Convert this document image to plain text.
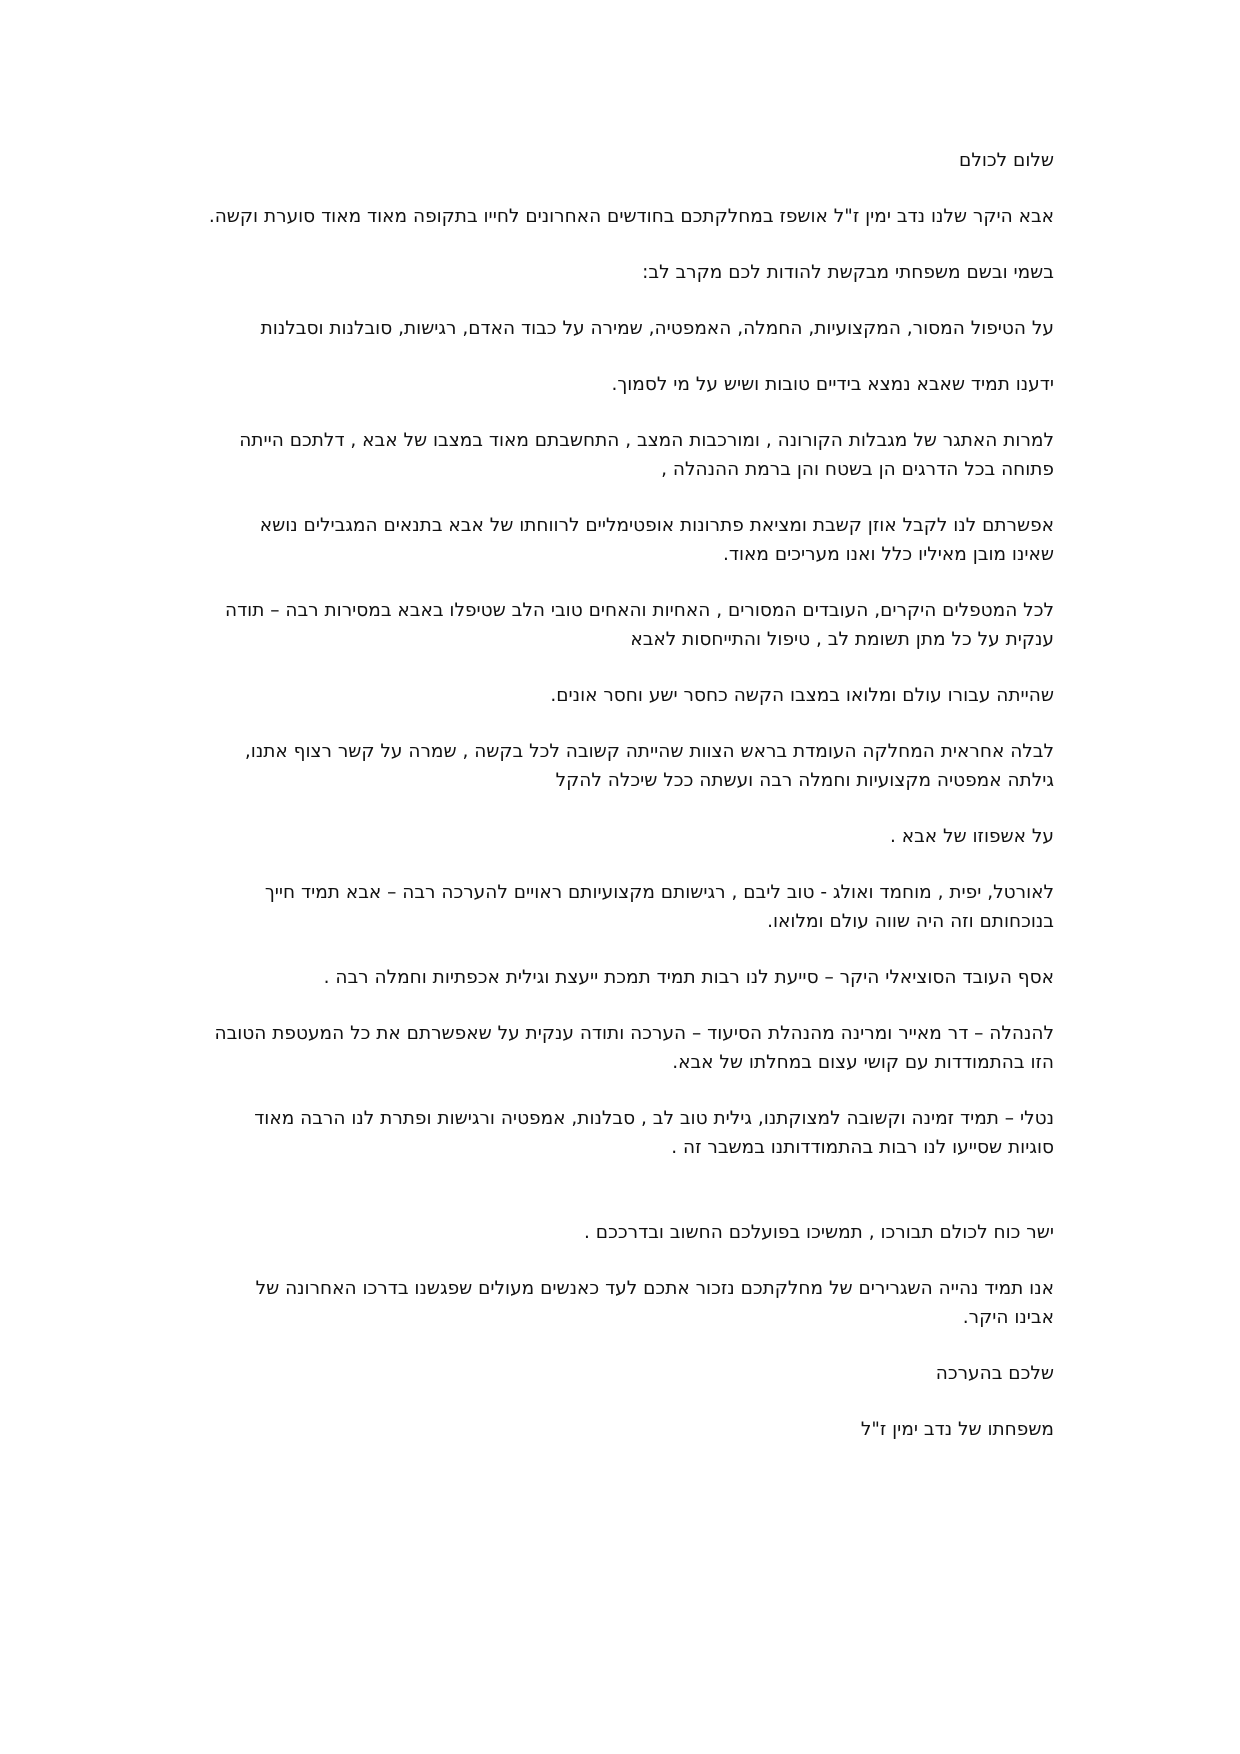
שלום לכולם

אבא היקר שלנו נדב ימין ז"ל אושפז במחלקתכם בחודשים האחרונים לחייו בתקופה מאוד מאוד סוערת וקשה.

בשמי ובשם משפחתי מבקשת להודות לכם מקרב לב:

על הטיפול המסור, המקצועיות, החמלה, האמפטיה, שמירה על כבוד האדם, רגישות, סובלנות וסבלנות

ידענו תמיד שאבא נמצא בידיים טובות ושיש על מי לסמוך.

למרות האתגר של מגבלות הקורונה , ומורכבות המצב , התחשבתם מאוד במצבו של אבא , דלתכם הייתה
פתוחה בכל הדרגים הן בשטח והן ברמת ההנהלה ,

אפשרתם לנו לקבל אוזן קשבת ומציאת פתרונות אופטימליים לרווחתו של אבא בתנאים המגבילים נושא
שאינו מובן מאיליו כלל ואנו מעריכים מאוד.

לכל המטפלים היקרים, העובדים המסורים , האחיות והאחים טובי הלב שטיפלו באבא במסירות רבה – תודה
ענקית על כל מתן תשומת לב , טיפול והתייחסות לאבא

שהייתה עבורו עולם ומלואו במצבו הקשה כחסר ישע וחסר אונים.

לבלה אחראית המחלקה העומדת בראש הצוות שהייתה קשובה לכל בקשה , שמרה על קשר רצוף אתנו,
גילתה אמפטיה מקצועיות וחמלה רבה ועשתה ככל שיכלה להקל

על אשפוזו של אבא .

לאורטל, יפית , מוחמד ואולג - טוב ליבם , רגישותם מקצועיותם ראויים להערכה רבה – אבא תמיד חייך
בנוכחותם וזה היה שווה עולם ומלואו.

אסף העובד הסוציאלי היקר – סייעת לנו רבות תמיד תמכת ייעצת וגילית אכפתיות וחמלה רבה .

להנהלה – דר מאייר ומרינה מהנהלת הסיעוד – הערכה ותודה ענקית על שאפשרתם את כל המעטפת הטובה
הזו בהתמודדות עם קושי עצום במחלתו של אבא.

נטלי – תמיד זמינה וקשובה למצוקתנו, גילית טוב לב , סבלנות, אמפטיה ורגישות ופתרת לנו הרבה מאוד
סוגיות שסייעו לנו רבות בהתמודדותנו במשבר זה .

ישר כוח לכולם תבורכו , תמשיכו בפועלכם החשוב ובדרככם .

אנו תמיד נהייה השגרירים של מחלקתכם נזכור אתכם לעד כאנשים מעולים שפגשנו בדרכו האחרונה של
אבינו היקר.

שלכם בהערכה

משפחתו של נדב ימין ז"ל
